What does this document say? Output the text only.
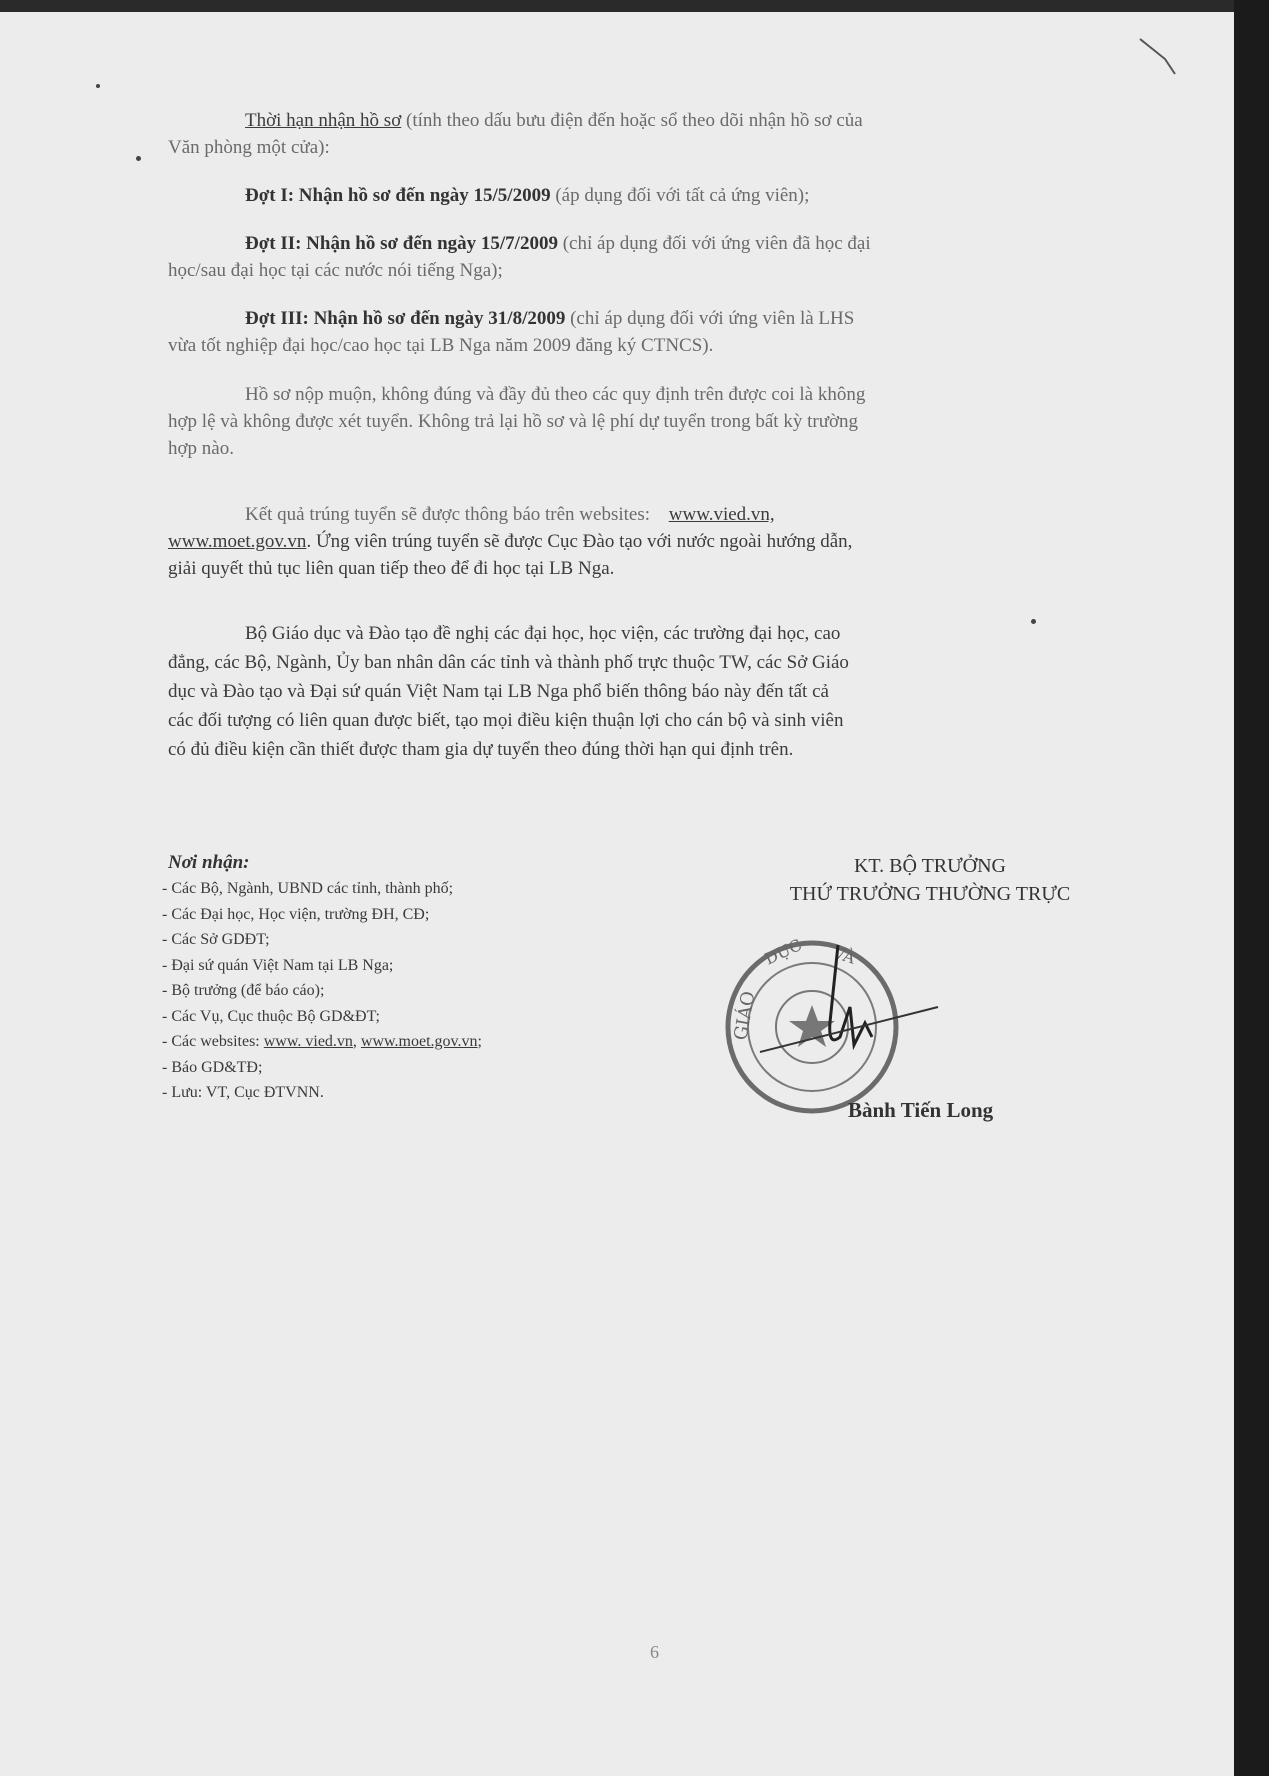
Thời hạn nhận hồ sơ (tính theo dấu bưu điện đến hoặc sổ theo dõi nhận hồ sơ của
Văn phòng một cửa):
Đợt I: Nhận hồ sơ đến ngày 15/5/2009 (áp dụng đối với tất cả ứng viên);
Đợt II: Nhận hồ sơ đến ngày 15/7/2009 (chỉ áp dụng đối với ứng viên đã học đại
học/sau đại học tại các nước nói tiếng Nga);
Đợt III: Nhận hồ sơ đến ngày 31/8/2009 (chỉ áp dụng đối với ứng viên là LHS
vừa tốt nghiệp đại học/cao học tại LB Nga năm 2009 đăng ký CTNCS).
Hồ sơ nộp muộn, không đúng và đầy đủ theo các quy định trên được coi là không
hợp lệ và không được xét tuyển. Không trả lại hồ sơ và lệ phí dự tuyển trong bất kỳ trường
hợp nào.
Kết quả trúng tuyển sẽ được thông báo trên websites: www.vied.vn,
www.moet.gov.vn. Ứng viên trúng tuyển sẽ được Cục Đào tạo với nước ngoài hướng dẫn,
giải quyết thủ tục liên quan tiếp theo để đi học tại LB Nga.
Bộ Giáo dục và Đào tạo đề nghị các đại học, học viện, các trường đại học, cao
đẳng, các Bộ, Ngành, Ủy ban nhân dân các tỉnh và thành phố trực thuộc TW, các Sở Giáo
dục và Đào tạo và Đại sứ quán Việt Nam tại LB Nga phổ biến thông báo này đến tất cả
các đối tượng có liên quan được biết, tạo mọi điều kiện thuận lợi cho cán bộ và sinh viên
có đủ điều kiện cần thiết được tham gia dự tuyển theo đúng thời hạn qui định trên.
Nơi nhận:
- Các Bộ, Ngành, UBND các tỉnh, thành phố;
- Các Đại học, Học viện, trường ĐH, CĐ;
- Các Sở GDĐT;
- Đại sứ quán Việt Nam tại LB Nga;
- Bộ trưởng (để báo cáo);
- Các Vụ, Cục thuộc Bộ GD&ĐT;
- Các websites: www. vied.vn, www.moet.gov.vn;
- Báo GD&TĐ;
- Lưu: VT, Cục ĐTVNN.
KT. BỘ TRƯỞNG
THỨ TRƯỞNG THƯỜNG TRỰC
GIÁO
DỤC VÀ
Bành Tiến Long
6
